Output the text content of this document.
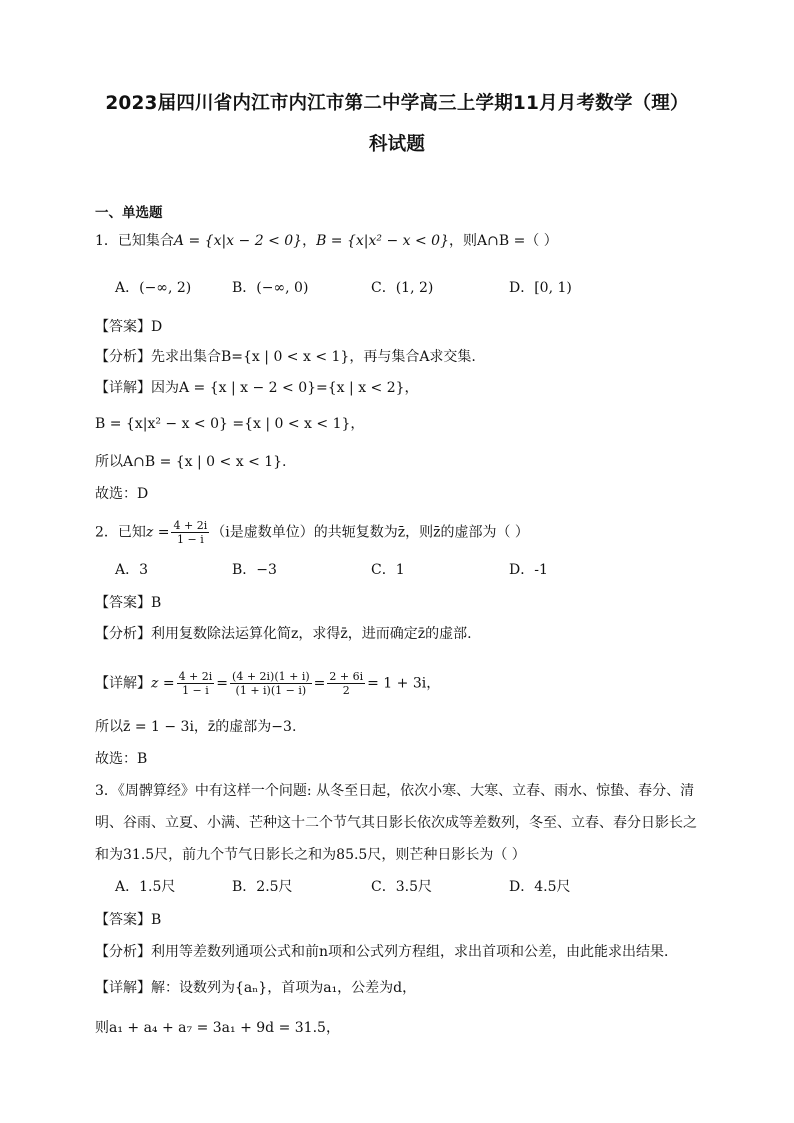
2023届四川省内江市内江市第二中学高三上学期11月月考数学（理）
科试题
一、单选题
1．已知集合A = {x|x − 2 < 0}，B = {x|x² − x < 0}，则A∩B =（ ）
A．(−∞, 2)	B．(−∞, 0)	C．(1, 2)	D．[0, 1)
【答案】D
【分析】先求出集合B={x | 0 < x < 1}，再与集合A求交集.
【详解】因为A = {x | x − 2 < 0}={x | x < 2}，
B = {x|x² − x < 0} ={x | 0 < x < 1}，
所以A∩B = {x | 0 < x < 1}.
故选：D
2．已知$z = \frac{4 + 2i}{1 - i} (i$是虚数单位）的共轭复数为z̄，则z̄的虚部为（ ）
A．3	B．−3	C．1	D．-1
【答案】B
【分析】利用复数除法运算化简z，求得z̄，进而确定z̄的虚部.
【详解】$z = \frac{4 + 2i}{1 - i} = \frac{(4 + 2i)(1 + i)}{(1 + i)(1 - i)} = \frac{2 + 6i}{2} = 1 + 3i$，
所以z̄ = 1 − 3i，z̄的虚部为−3.
故选：B
3．《周髀算经》中有这样一个问题: 从冬至日起，依次小寒、大寒、立春、雨水、惊蛰、春分、清
明、谷雨、立夏、小满、芒种这十二个节气其日影长依次成等差数列，冬至、立春、春分日影长之
和为31.5尺，前九个节气日影长之和为85.5尺，则芒种日影长为（ ）
A．1.5尺	B．2.5尺	C．3.5尺	D．4.5尺
【答案】B
【分析】利用等差数列通项公式和前n项和公式列方程组，求出首项和公差，由此能求出结果．
【详解】解：设数列为{aₙ}，首项为a₁，公差为d，
则a₁ + a₄ + a₇ = 3a₁ + 9d = 31.5，
